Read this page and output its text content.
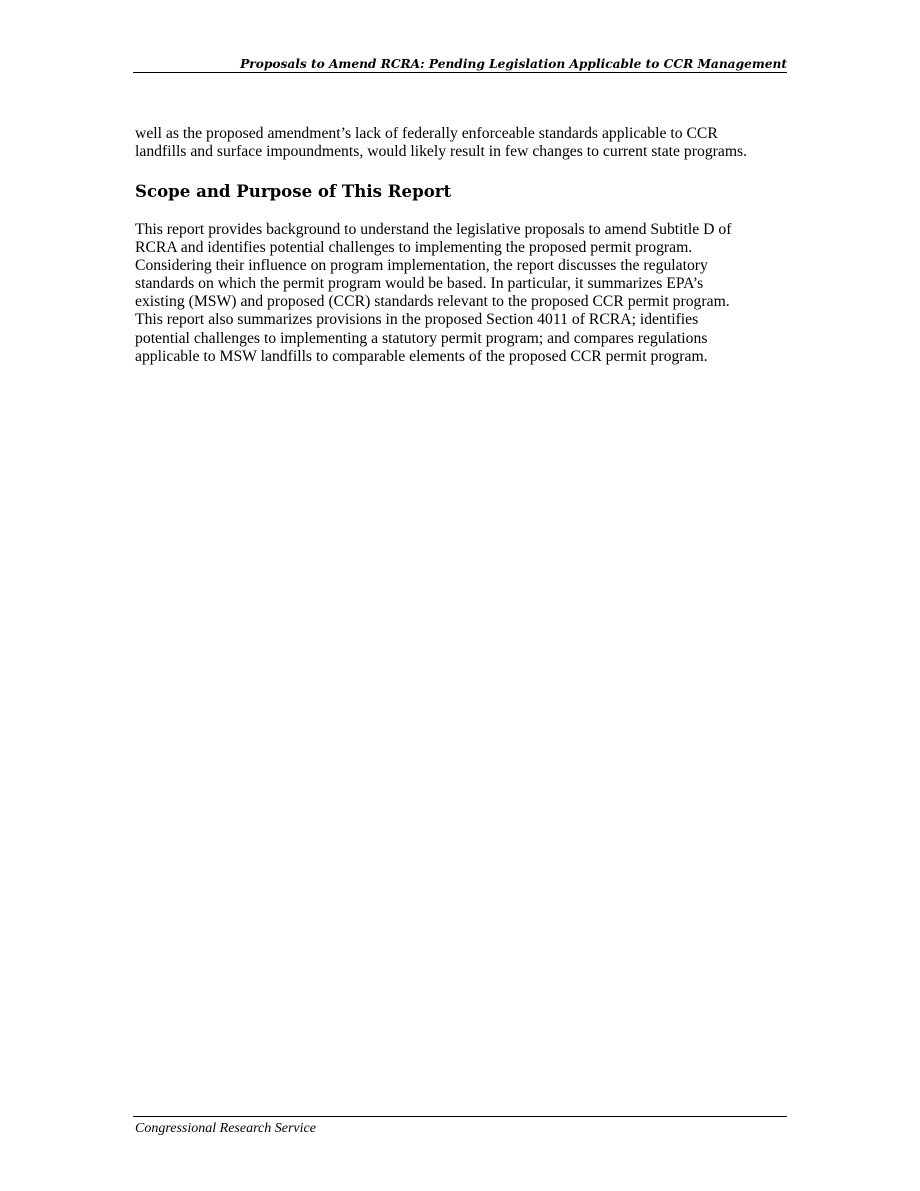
Proposals to Amend RCRA: Pending Legislation Applicable to CCR Management

well as the proposed amendment’s lack of federally enforceable standards applicable to CCR
landfills and surface impoundments, would likely result in few changes to current state programs.

Scope and Purpose of This Report

This report provides background to understand the legislative proposals to amend Subtitle D of
RCRA and identifies potential challenges to implementing the proposed permit program.
Considering their influence on program implementation, the report discusses the regulatory
standards on which the permit program would be based. In particular, it summarizes EPA’s
existing (MSW) and proposed (CCR) standards relevant to the proposed CCR permit program.
This report also summarizes provisions in the proposed Section 4011 of RCRA; identifies
potential challenges to implementing a statutory permit program; and compares regulations
applicable to MSW landfills to comparable elements of the proposed CCR permit program.

Congressional Research Service
